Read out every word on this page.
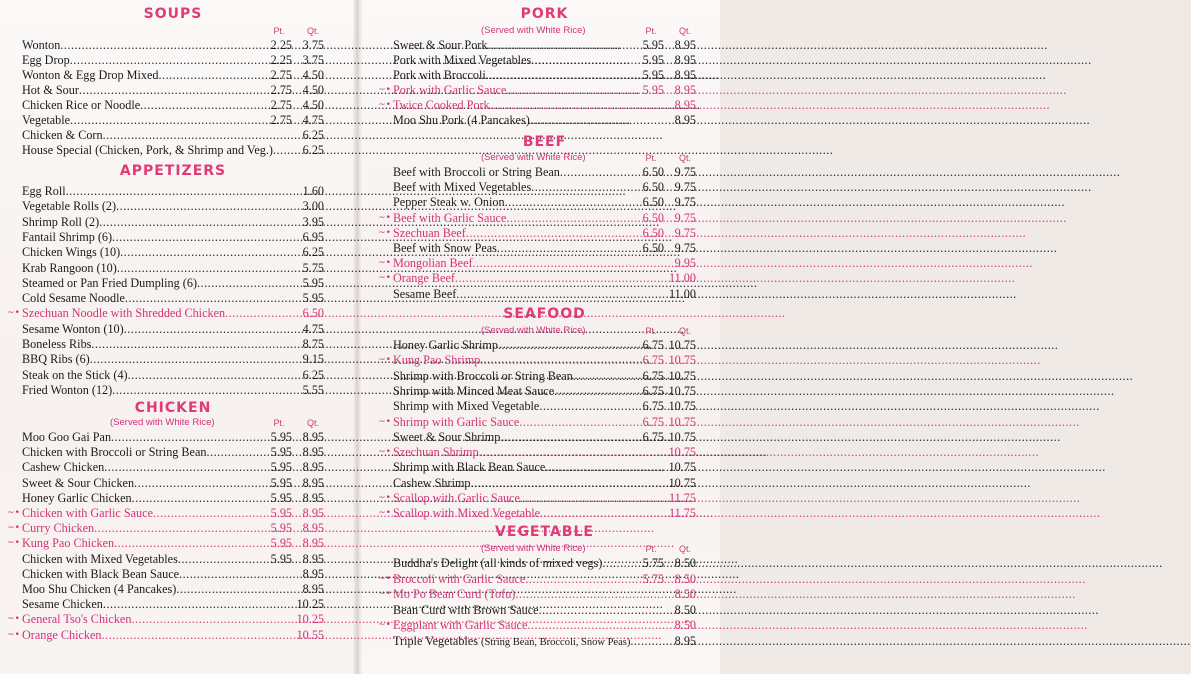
SOUPS
Pt.	Qt.
Wonton .....	2.25 3.75
Egg Drop .....	2.25 3.75
Wonton & Egg Drop Mixed .....	2.75 4.50
Hot & Sour .....	2.75 4.50
Chicken Rice or Noodle .....	2.75 4.50
Vegetable .....	2.75 4.75
Chicken & Corn .....	6.25
House Special (Chicken, Pork, & Shrimp and Veg.) .....	6.25
APPETIZERS
Egg Roll .....	1.60
Vegetable Rolls (2) .....	3.00
Shrimp Roll (2) .....	3.95
Fantail Shrimp (6) .....	6.95
Chicken Wings (10) .....	6.25
Krab Rangoon (10) .....	5.75
Steamed or Pan Fried Dumpling (6) .....	5.95
Cold Sesame Noodle .....	5.95
~• Szechuan Noodle with Shredded Chicken .....	6.50
Sesame Wonton (10) .....	4.75
Boneless Ribs .....	8.75
BBQ Ribs (6) .....	9.15
Steak on the Stick (4) .....	6.25
Fried Wonton (12) .....	5.55
CHICKEN
(Served with White Rice)	Pt.	Qt.
Moo Goo Gai Pan .....	5.95 8.95
Chicken with Broccoli or String Bean .....	5.95 8.95
Cashew Chicken .....	5.95 8.95
Sweet & Sour Chicken .....	5.95 8.95
Honey Garlic Chicken .....	5.95 8.95
~• Chicken with Garlic Sauce .....	5.95 8.95
~• Curry Chicken .....	5.95 8.95
~• Kung Pao Chicken .....	5.95 8.95
Chicken with Mixed Vegetables .....	5.95 8.95
Chicken with Black Bean Sauce .....	8.95
Moo Shu Chicken (4 Pancakes) .....	8.95
Sesame Chicken .....	10.25
~• General Tso's Chicken .....	10.25
~• Orange Chicken .....	10.55
PORK
(Served with White Rice)	Pt.	Qt.
Sweet & Sour Pork .....	5.95 8.95
Pork with Mixed Vegetables .....	5.95 8.95
Pork with Broccoli .....	5.95 8.95
~• Pork with Garlic Sauce .....	5.95 8.95
~• Twice Cooked Pork .....	8.95
Moo Shu Pork (4 Pancakes) .....	8.95
BEEF
(Served with White Rice)	Pt.	Qt.
Beef with Broccoli or String Bean .....	6.50 9.75
Beef with Mixed Vegetables .....	6.50 9.75
Pepper Steak w. Onion .....	6.50 9.75
~• Beef with Garlic Sauce .....	6.50 9.75
~• Szechuan Beef .....	6.50 9.75
Beef with Snow Peas .....	6.50 9.75
~• Mongolian Beef .....	9.95
~• Orange Beef .....	11.00
Sesame Beef .....	11.00
SEAFOOD
(Served with White Rice)	Pt.	Qt.
Honey Garlic Shrimp .....	6.75 10.75
~• Kung Pao Shrimp .....	6.75 10.75
Shrimp with Broccoli or String Bean .....	6.75 10.75
Shrimp with Minced Meat Sauce .....	6.75 10.75
Shrimp with Mixed Vegetable .....	6.75 10.75
~• Shrimp with Garlic Sauce .....	6.75 10.75
Sweet & Sour Shrimp .....	6.75 10.75
~• Szechuan Shrimp .....	10.75
Shrimp with Black Bean Sauce .....	10.75
Cashew Shrimp .....	10.75
~• Scallop with Garlic Sauce .....	11.75
~• Scallop with Mixed Vegetable .....	11.75
VEGETABLE
(Served with White Rice)	Pt.	Qt.
Buddha's Delight (all kinds of mixed vegs) .....	5.75 8.50
~• Broccoli with Garlic Sauce .....	5.75 8.50
~• Mo Po Bean Curd (Tofu) .....	8.50
Bean Curd with Brown Sauce .....	8.50
~• Eggplant with Garlic Sauce .....	8.50
Triple Vegetables (String Bean, Broccoli, Snow Peas) .....	8.95
